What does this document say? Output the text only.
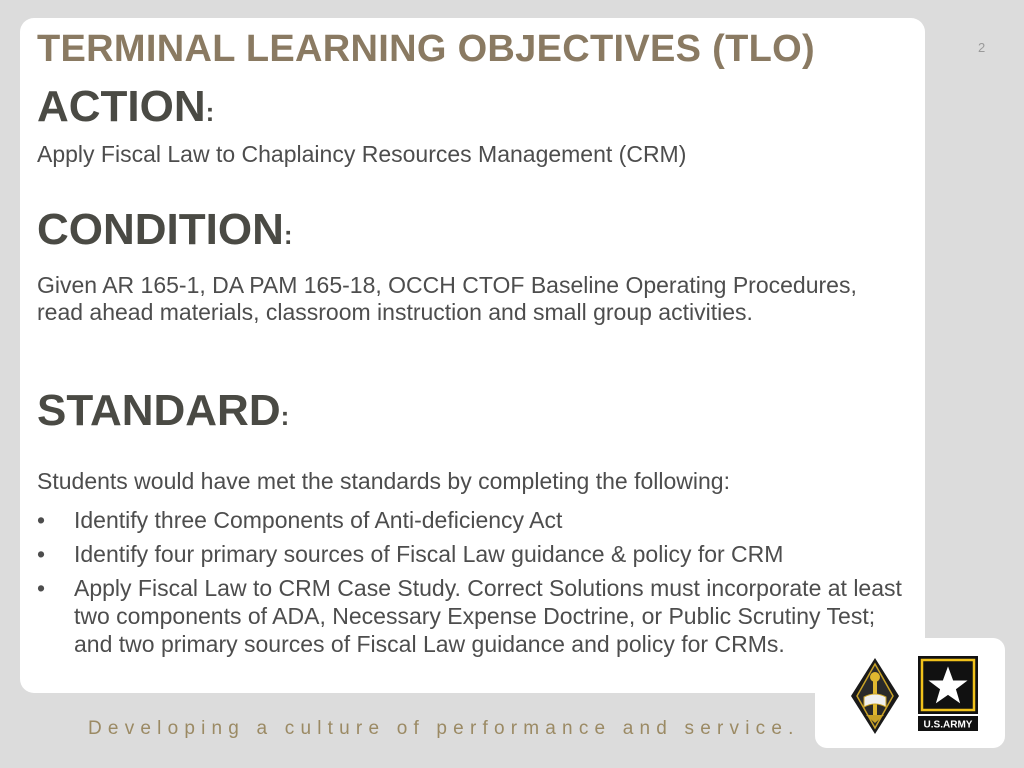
TERMINAL LEARNING OBJECTIVES (TLO)	2
ACTION:

Apply Fiscal Law to Chaplaincy Resources Management (CRM)

CONDITION:

Given AR 165-1, DA PAM 165-18, OCCH CTOF Baseline Operating Procedures, read ahead materials, classroom instruction and small group activities.

STANDARD:

Students would have met the standards by completing the following:

• Identify three Components of Anti-deficiency Act
• Identify four primary sources of Fiscal Law guidance & policy for CRM
• Apply Fiscal Law to CRM Case Study. Correct Solutions must incorporate at least two components of ADA, Necessary Expense Doctrine, or Public Scrutiny Test; and two primary sources of Fiscal Law guidance and policy for CRMs.
Developing a culture of performance and service.	U.S.ARMY
